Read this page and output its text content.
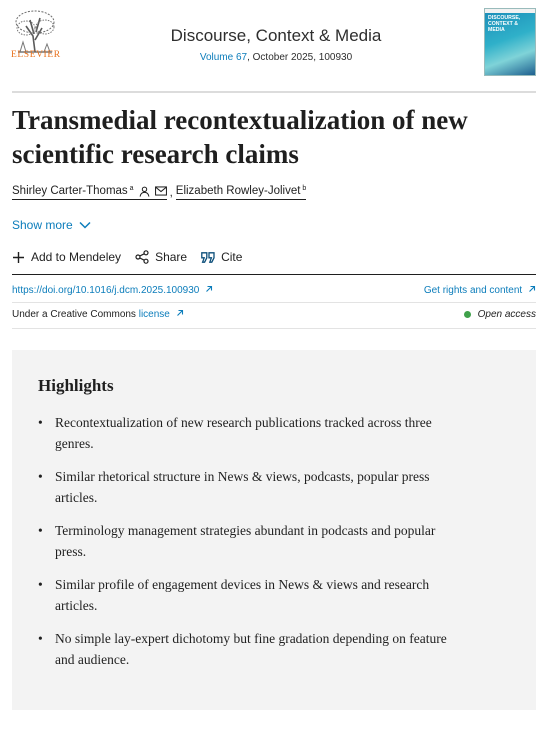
ELSEVIER
Discourse, Context & Media
Volume 67, October 2025, 100930
DISCOURSE, CONTEXT & MEDIA
Transmedial recontextualization of new scientific research claims
Shirley Carter-Thomas $^a$	, Elizabeth Rowley-Jolivet $^b$
Show more
Add to Mendeley	Share	Cite
https://doi.org/10.1016/j.dcm.2025.100930	Get rights and content
Under a Creative Commons license	Open access
Highlights
• Recontextualization of new research publications tracked across three genres.
• Similar rhetorical structure in News & views, podcasts, popular press articles.
• Terminology management strategies abundant in podcasts and popular press.
• Similar profile of engagement devices in News & views and research articles.
• No simple lay-expert dichotomy but fine gradation depending on feature and audience.
